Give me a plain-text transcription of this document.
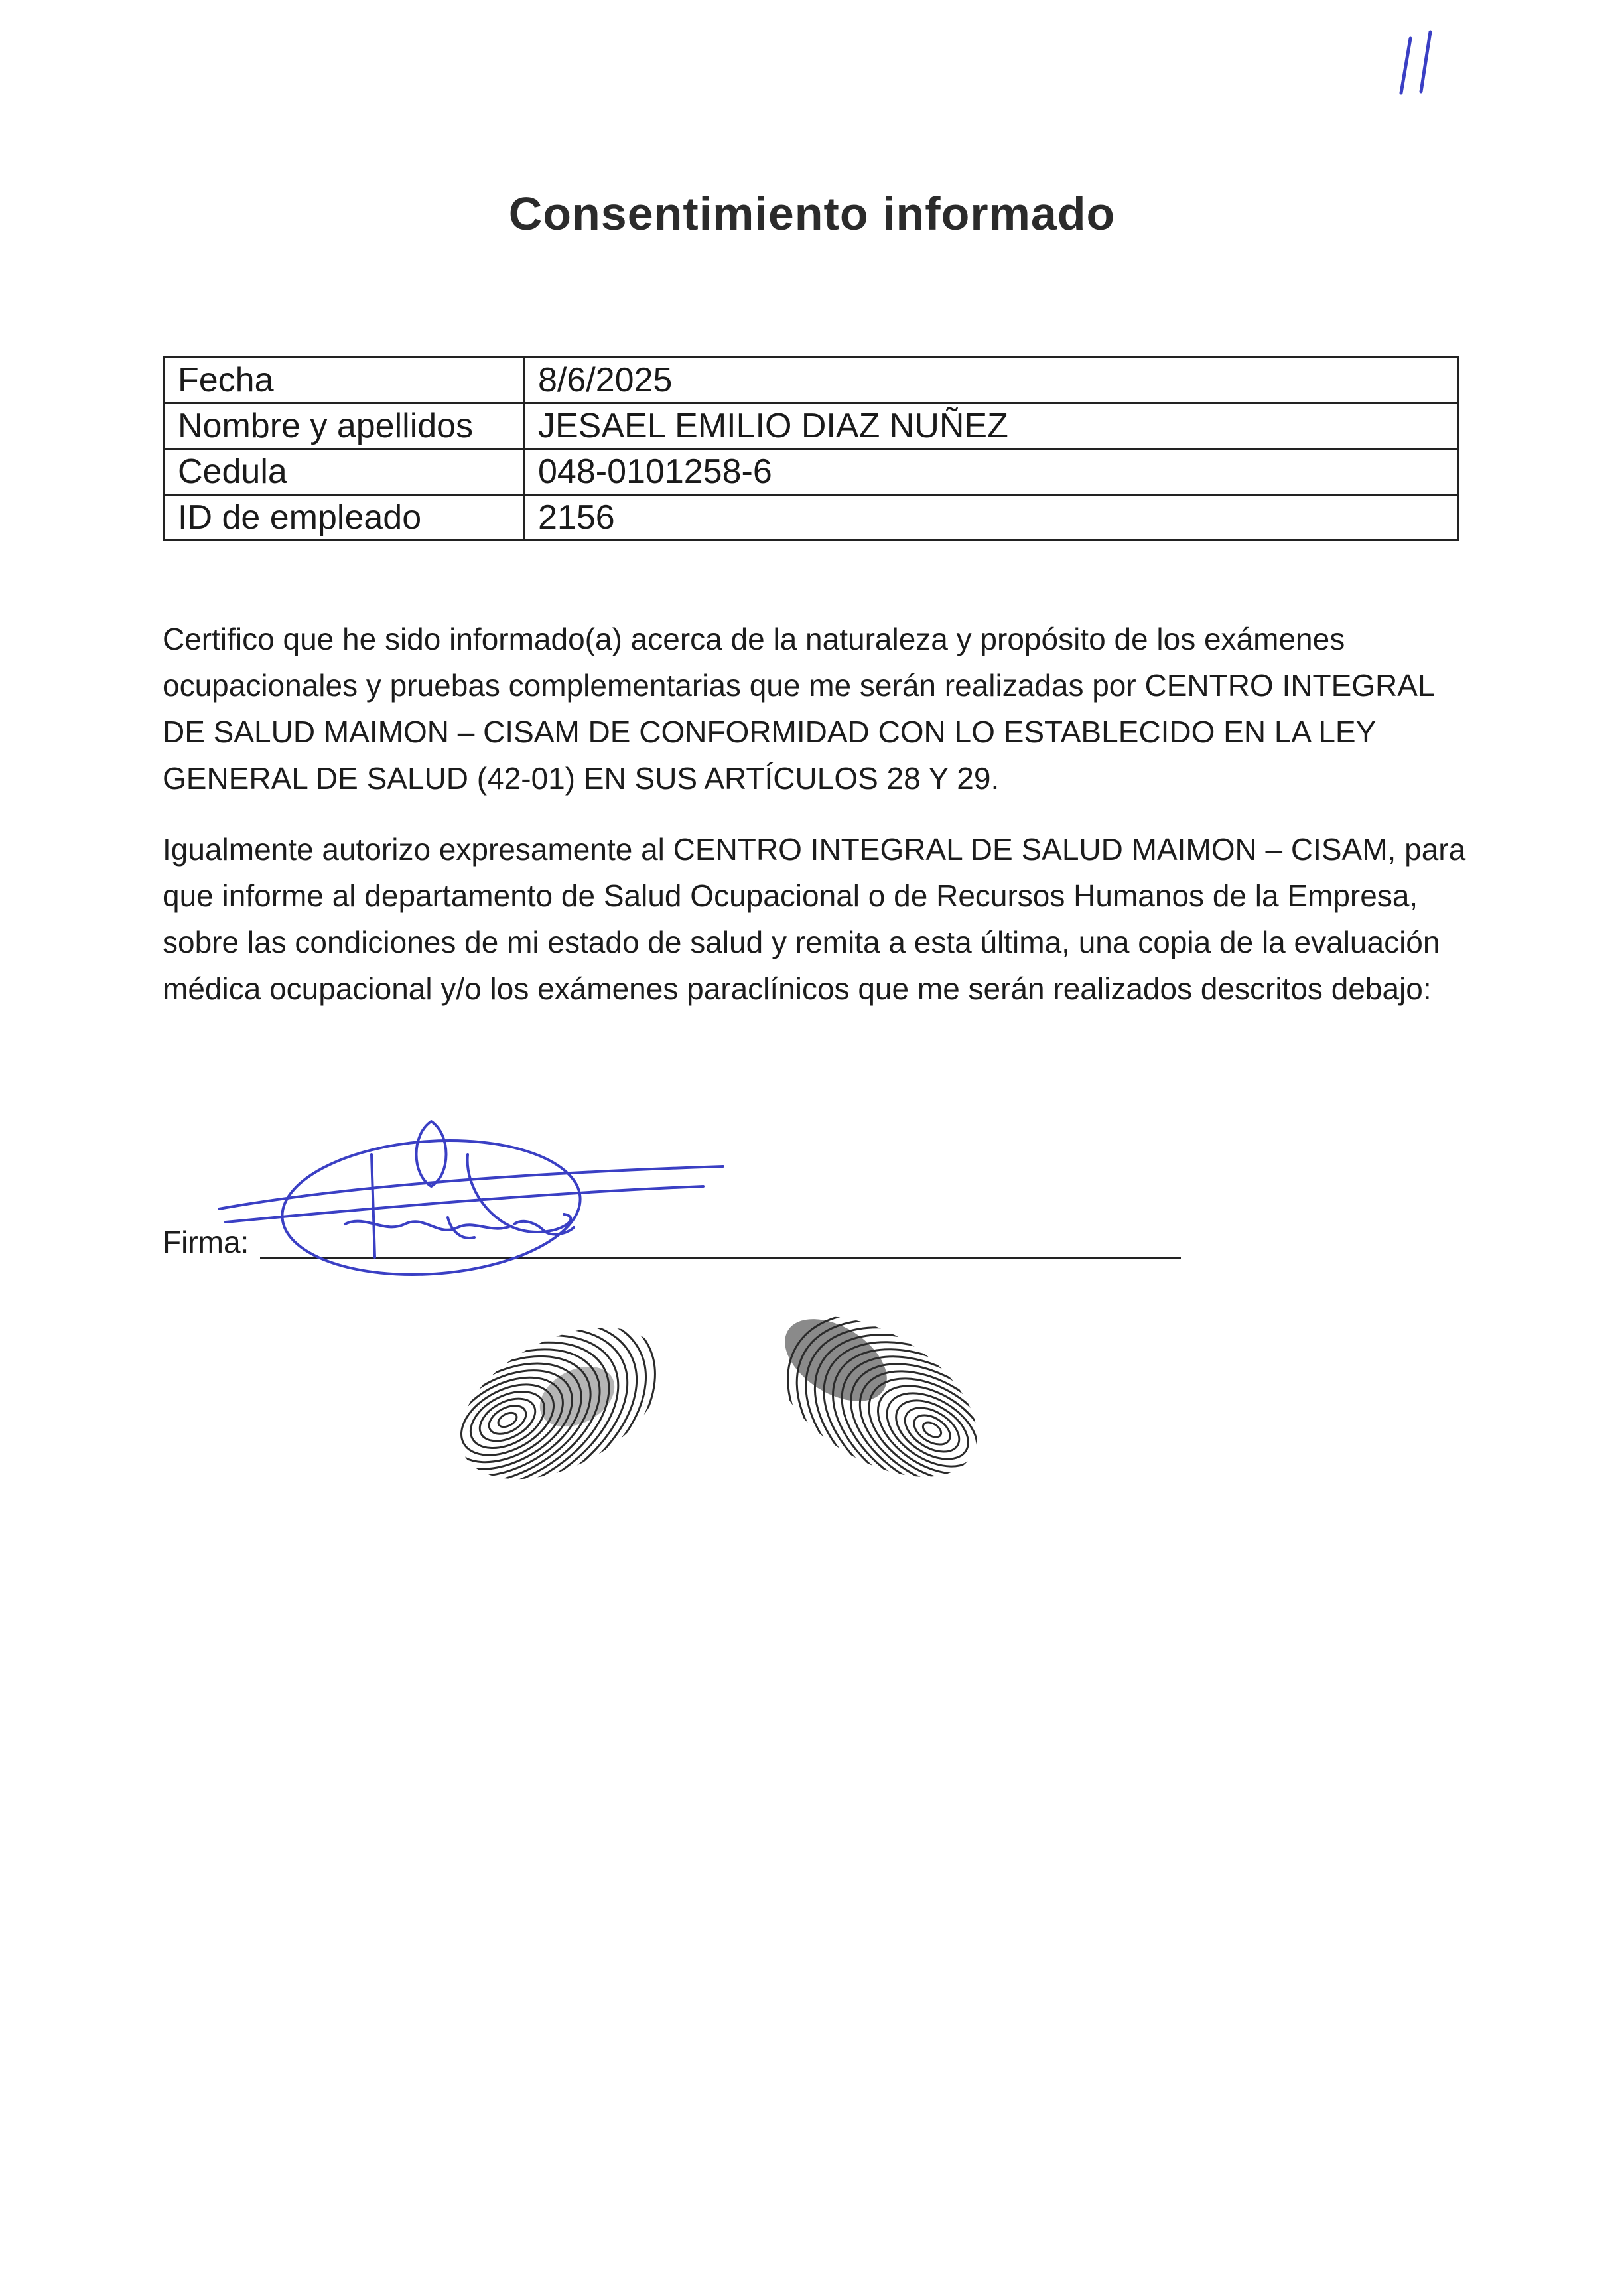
Consentimiento informado
Fecha	8/6/2025
Nombre y apellidos	JESAEL EMILIO DIAZ NUÑEZ
Cedula	048-0101258-6
ID de empleado	2156
Certifico que he sido informado(a) acerca de la naturaleza y propósito de los exámenes ocupacionales y pruebas complementarias que me serán realizadas por CENTRO INTEGRAL DE SALUD MAIMON – CISAM DE CONFORMIDAD CON LO ESTABLECIDO EN LA LEY GENERAL DE SALUD (42-01) EN SUS ARTÍCULOS 28 Y 29.
Igualmente autorizo expresamente al CENTRO INTEGRAL DE SALUD MAIMON – CISAM, para que informe al departamento de Salud Ocupacional o de Recursos Humanos de la Empresa, sobre las condiciones de mi estado de salud y remita a esta última, una copia de la evaluación médica ocupacional y/o los exámenes paraclínicos que me serán realizados descritos debajo:
Firma:
